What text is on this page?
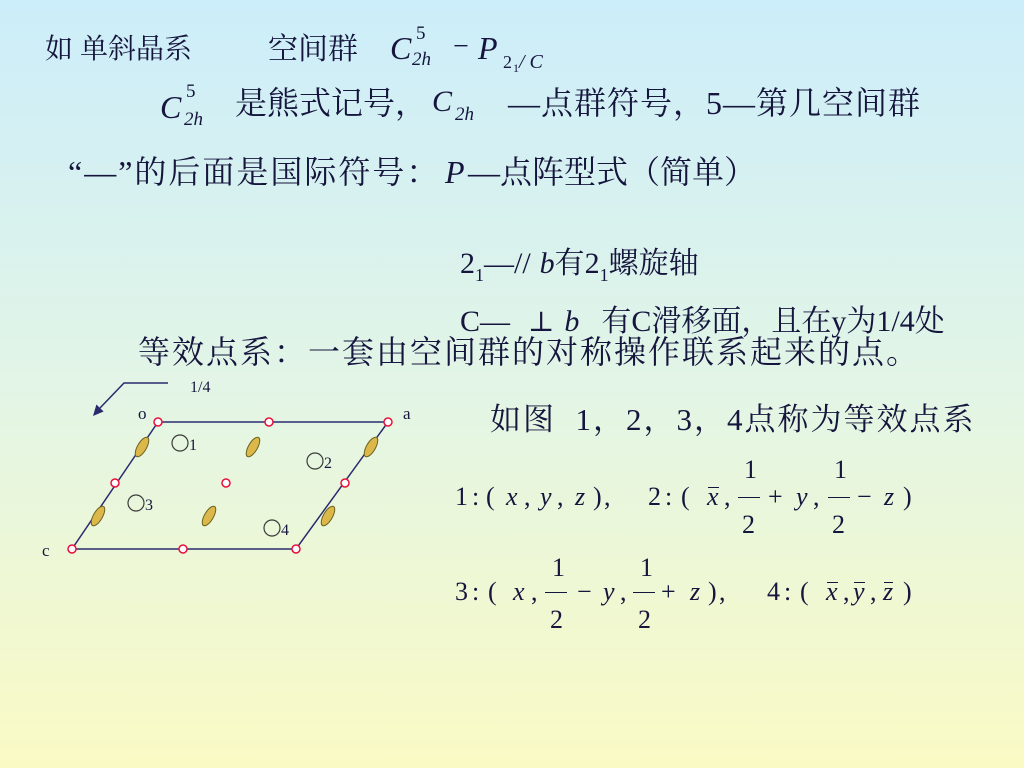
如 单斜晶系	空间群 C 5
2h − P 2 1 / C
C 5
2h 是熊式记号， C 2h —点群符号，5—第几空间群
“—”的后面是国际符号： P —点阵型式（简单）

$2_1—//$ b有$2_1$螺旋轴

C— ⊥ b 有C滑移面，且在y为1/4处

等效点系：一套由空间群的对称操作联系起来的点。
如图  1，2，3，4点称为等效点系
1/4
o	a
c
1
2
3
4
1 : ( x , y , z ) , 2 : ( x ,
1
2
+ y ,
1
2
− z )
3 : ( x ,
1
2
− y ,
1
2
+ z ) , 4 : ( x , y , z )
